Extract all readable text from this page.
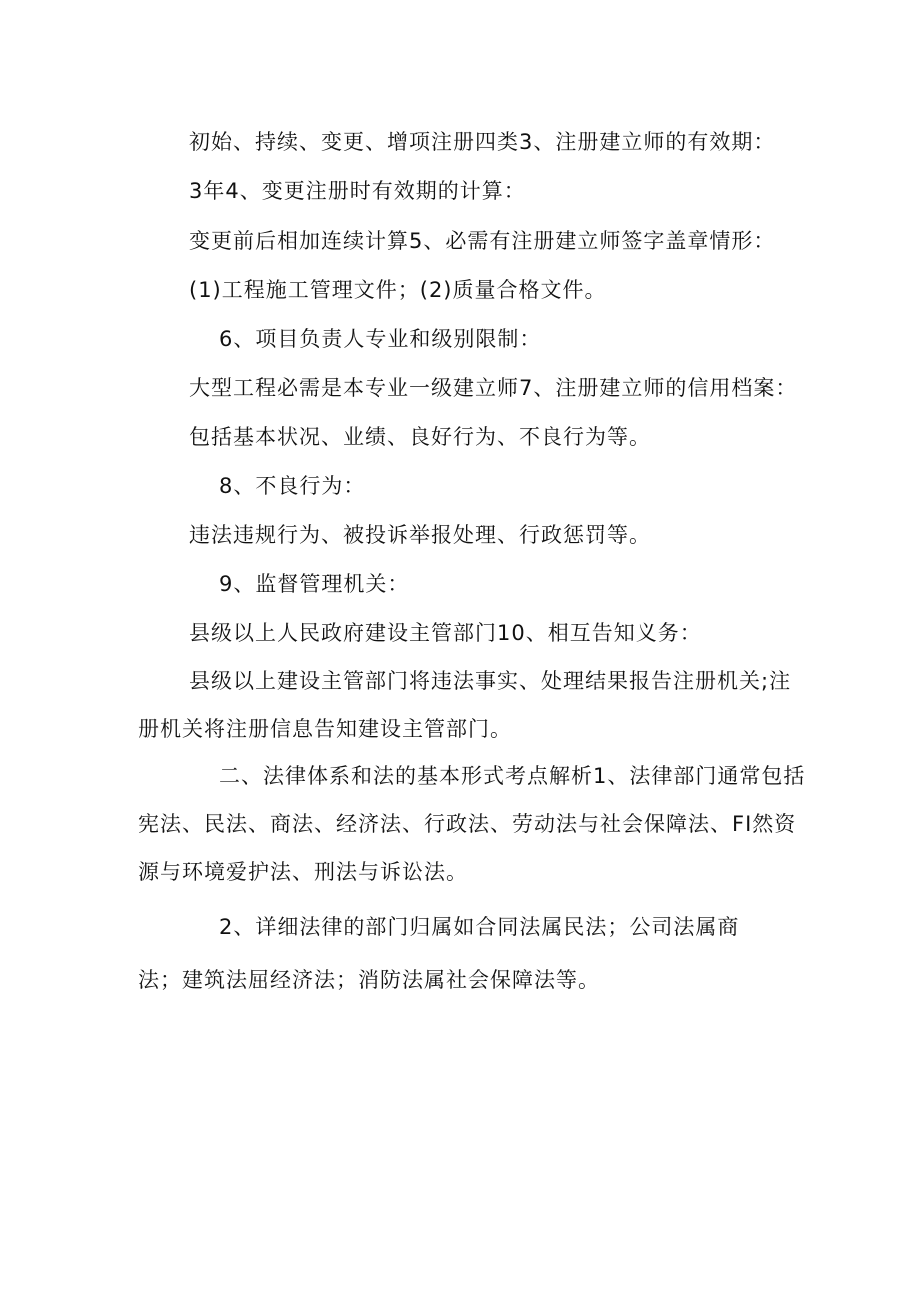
初始、持续、变更、增项注册四类3、注册建立师的有效期：
3年4、变更注册时有效期的计算：
变更前后相加连续计算5、必需有注册建立师签字盖章情形：
(1)工程施工管理文件；(2)质量合格文件。
6、项目负责人专业和级别限制：
大型工程必需是本专业一级建立师7、注册建立师的信用档案：
包括基本状况、业绩、良好行为、不良行为等。
8、不良行为：
违法违规行为、被投诉举报处理、行政惩罚等。
9、监督管理机关：
县级以上人民政府建设主管部门10、相互告知义务：
县级以上建设主管部门将违法事实、处理结果报告注册机关;注
册机关将注册信息告知建设主管部门。
二、法律体系和法的基本形式考点解析1、法律部门通常包括
宪法、民法、商法、经济法、行政法、劳动法与社会保障法、FI然资
源与环境爱护法、刑法与诉讼法。
2、详细法律的部门归属如合同法属民法；公司法属商
法；建筑法屈经济法；消防法属社会保障法等。
